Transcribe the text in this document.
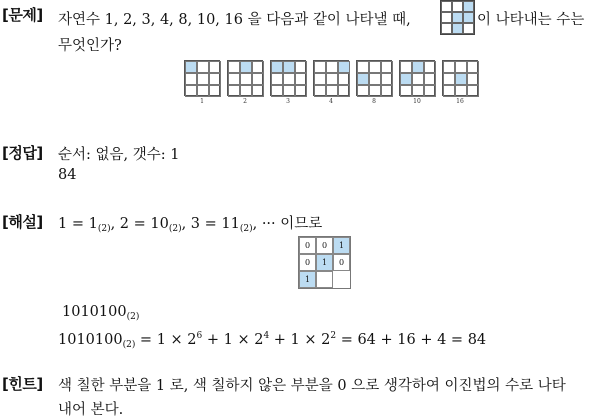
[문제] 자연수 1, 2, 3, 4, 8, 10, 16 을 다음과 같이 나타낼 때,	이 나타내는 수는
무엇인가?
1	2	3	4	8	10	16
[정답] 순서: 없음, 갯수: 1
84
[해설] $1 = 1_{(2)}$, $2 = 10_{(2)}$, $3 = 11_{(2)}$, ··· 이므로
0	0	1
0	1	0
1
$1010100_{(2)}$
$1010100_{(2)} = 1 \times 2^6 + 1 \times 2^4 + 1 \times 2^2 = 64 + 16 + 4 = 84$
[힌트] 색 칠한 부분을 1 로, 색 칠하지 않은 부분을 0 으로 생각하여 이진법의 수로 나타
내어 본다.
